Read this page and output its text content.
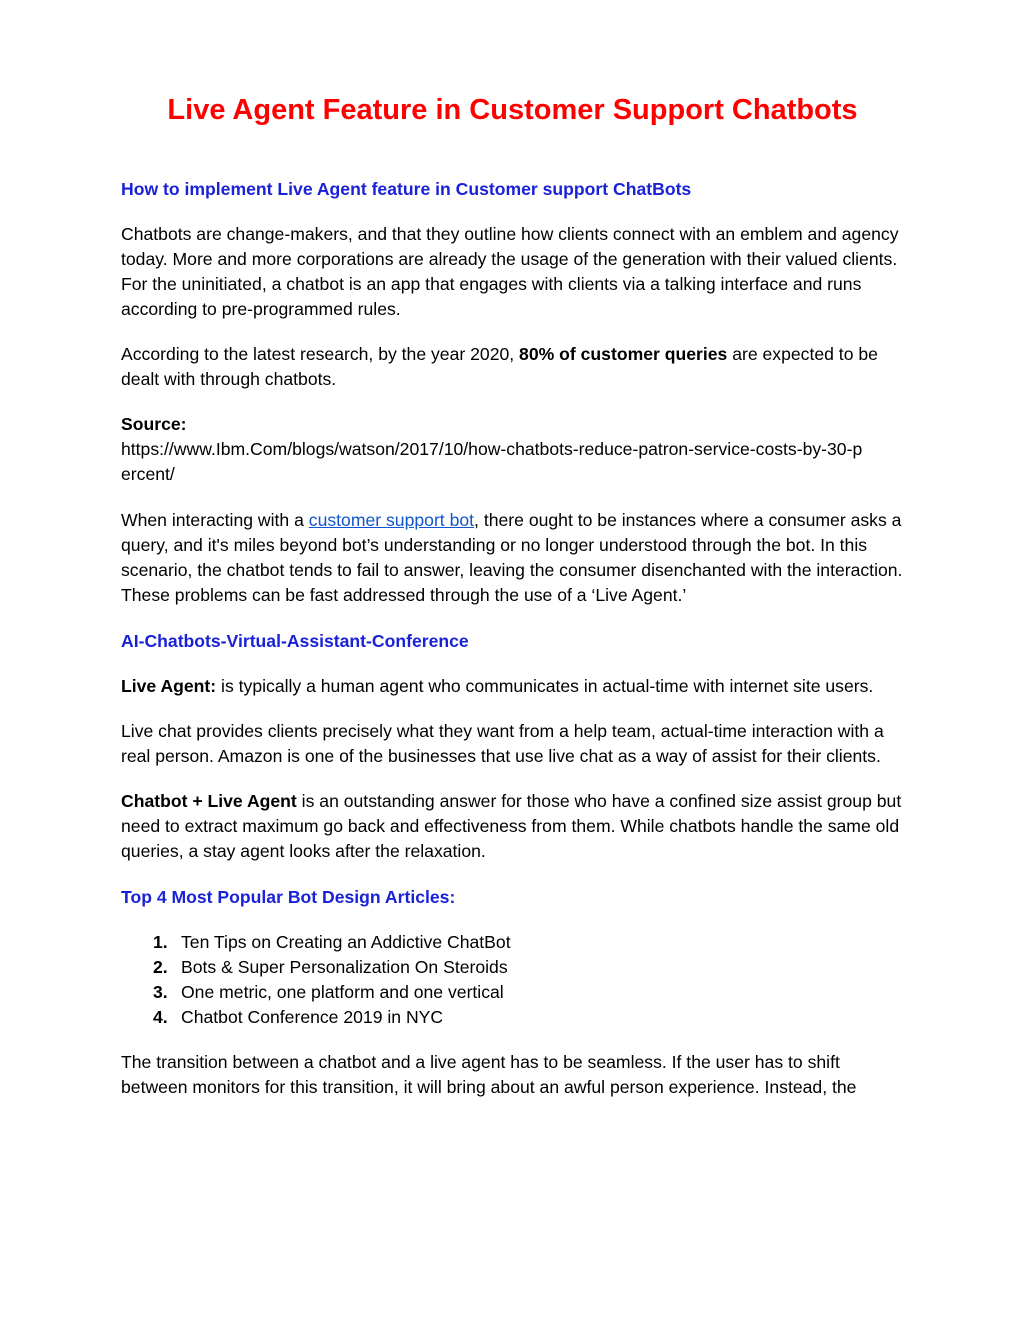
Live Agent Feature in Customer Support Chatbots
How to implement Live Agent feature in Customer support ChatBots

Chatbots are change-makers, and that they outline how clients connect with an emblem and agency today. More and more corporations are already the usage of the generation with their valued clients. For the uninitiated, a chatbot is an app that engages with clients via a talking interface and runs according to pre-programmed rules.

According to the latest research, by the year 2020, 80% of customer queries are expected to be dealt with through chatbots.

Source:
https://www.Ibm.Com/blogs/watson/2017/10/how-chatbots-reduce-patron-service-costs-by-30-p
ercent/

When interacting with a customer support bot, there ought to be instances where a consumer asks a query, and it's miles beyond bot’s understanding or no longer understood through the bot. In this scenario, the chatbot tends to fail to answer, leaving the consumer disenchanted with the interaction. These problems can be fast addressed through the use of a ‘Live Agent.’

AI-Chatbots-Virtual-Assistant-Conference

Live Agent: is typically a human agent who communicates in actual-time with internet site users.

Live chat provides clients precisely what they want from a help team, actual-time interaction with a real person. Amazon is one of the businesses that use live chat as a way of assist for their clients.

Chatbot + Live Agent is an outstanding answer for those who have a confined size assist group but need to extract maximum go back and effectiveness from them. While chatbots handle the same old queries, a stay agent looks after the relaxation.

Top 4 Most Popular Bot Design Articles:
1. Ten Tips on Creating an Addictive ChatBot
2. Bots & Super Personalization On Steroids
3. One metric, one platform and one vertical
4. Chatbot Conference 2019 in NYC

The transition between a chatbot and a live agent has to be seamless. If the user has to shift between monitors for this transition, it will bring about an awful person experience. Instead, the
